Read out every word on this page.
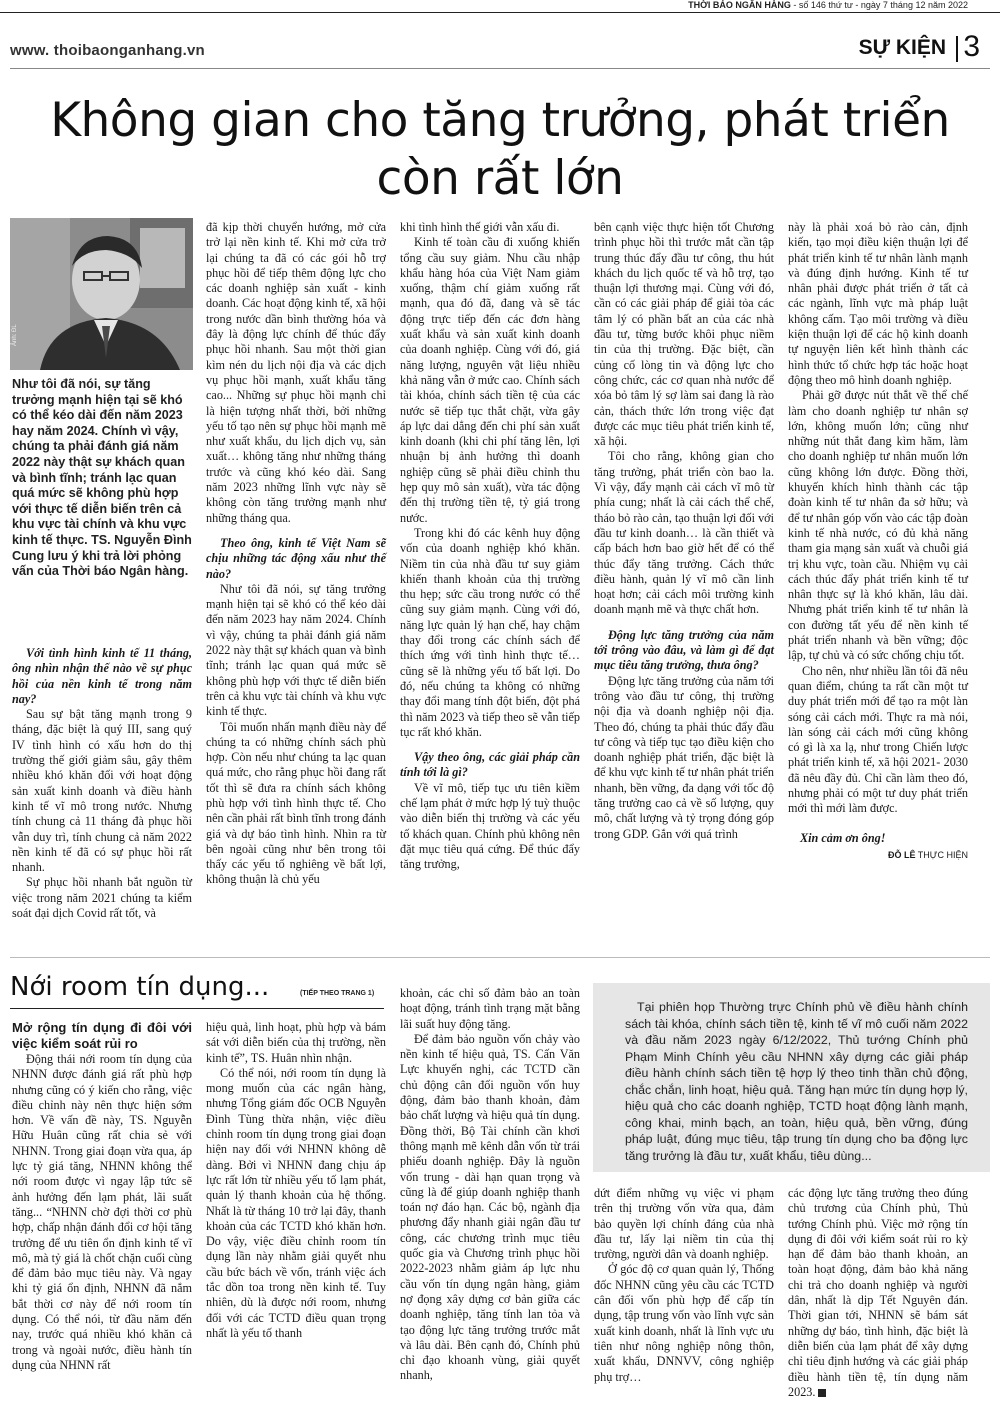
THỜI BÁO NGÂN HÀNG - số 146 thứ tư - ngày 7 tháng 12 năm 2022
www. thoibaonganhang.vn	SỰ KIỆN 3
Không gian cho tăng trưởng, phát triển
còn rất lớn
Ảnh: ĐL
Như tôi đã nói, sự tăng trưởng mạnh hiện tại sẽ khó có thể kéo dài đến năm 2023 hay năm 2024. Chính vì vậy, chúng ta phải đánh giá năm 2022 này thật sự khách quan và bình tĩnh; tránh lạc quan quá mức sẽ không phù hợp với thực tế diễn biến trên cả khu vực tài chính và khu vực kinh tế thực. TS. Nguyễn Đình Cung lưu ý khi trả lời phỏng vấn của Thời báo Ngân hàng.

Với tình hình kinh tế 11 tháng, ông nhìn nhận thế nào về sự phục hồi của nền kinh tế trong năm nay?

Sau sự bật tăng mạnh trong 9 tháng, đặc biệt là quý III, sang quý IV tình hình có xấu hơn do thị trường thế giới giảm sâu, gây thêm nhiều khó khăn đối với hoạt động sản xuất kinh doanh và điều hành kinh tế vĩ mô trong nước. Nhưng tính chung cả 11 tháng đà phục hồi vẫn duy trì, tính chung cả năm 2022 nền kinh tế đã có sự phục hồi rất nhanh.

Sự phục hồi nhanh bắt nguồn từ việc trong năm 2021 chúng ta kiểm soát đại dịch Covid rất tốt, và

đã kịp thời chuyển hướng, mở cửa trở lại nền kinh tế. Khi mở cửa trở lại chúng ta đã có các gói hỗ trợ phục hồi để tiếp thêm động lực cho các doanh nghiệp sản xuất - kinh doanh. Các hoạt động kinh tế, xã hội trong nước dần bình thường hóa và đây là động lực chính để thúc đẩy phục hồi nhanh. Sau một thời gian kìm nén du lịch nội địa và các dịch vụ phục hồi mạnh, xuất khẩu tăng cao... Những sự phục hồi mạnh chỉ là hiện tượng nhất thời, bởi những yếu tố tạo nên sự phục hồi mạnh mẽ như xuất khẩu, du lịch dịch vụ, sản xuất… không tăng như những tháng trước và cũng khó kéo dài. Sang năm 2023 những lĩnh vực này sẽ không còn tăng trưởng mạnh như những tháng qua.

Theo ông, kinh tế Việt Nam sẽ chịu những tác động xấu như thế nào?

Như tôi đã nói, sự tăng trưởng mạnh hiện tại sẽ khó có thể kéo dài đến năm 2023 hay năm 2024. Chính vì vậy, chúng ta phải đánh giá năm 2022 này thật sự khách quan và bình tĩnh; tránh lạc quan quá mức sẽ không phù hợp với thực tế diễn biến trên cả khu vực tài chính và khu vực kinh tế thực.

Tôi muốn nhấn mạnh điều này để chúng ta có những chính sách phù hợp. Còn nếu như chúng ta lạc quan quá mức, cho rằng phục hồi đang rất tốt thì sẽ đưa ra chính sách không phù hợp với tình hình thực tế. Cho nên cần phải rất bình tĩnh trong đánh giá và dự báo tình hình. Nhìn ra từ bên ngoài cũng như bên trong tôi thấy các yếu tố nghiêng về bất lợi, không thuận là chủ yếu

khi tình hình thế giới vẫn xấu đi.

Kinh tế toàn cầu đi xuống khiến tổng cầu suy giảm. Nhu cầu nhập khẩu hàng hóa của Việt Nam giảm xuống, thậm chí giảm xuống rất mạnh, qua đó đã, đang và sẽ tác động trực tiếp đến các đơn hàng xuất khẩu và sản xuất kinh doanh của doanh nghiệp. Cùng với đó, giá năng lượng, nguyên vật liệu nhiều khả năng vẫn ở mức cao. Chính sách tài khóa, chính sách tiền tệ của các nước sẽ tiếp tục thắt chặt, vừa gây áp lực dai dẳng đến chi phí sản xuất kinh doanh (khi chi phí tăng lên, lợi nhuận bị ảnh hưởng thì doanh nghiệp cũng sẽ phải điều chỉnh thu hẹp quy mô sản xuất), vừa tác động đến thị trường tiền tệ, tỷ giá trong nước.

Trong khi đó các kênh huy động vốn của doanh nghiệp khó khăn. Niềm tin của nhà đầu tư suy giảm khiến thanh khoản của thị trường thu hẹp; sức cầu trong nước có thể cũng suy giảm mạnh. Cùng với đó, năng lực quản lý hạn chế, hay chậm thay đổi trong các chính sách để thích ứng với tình hình thực tế… cũng sẽ là những yếu tố bất lợi. Do đó, nếu chúng ta không có những thay đổi mang tính đột biến, đột phá thì năm 2023 và tiếp theo sẽ vẫn tiếp tục rất khó khăn.

Vậy theo ông, các giải pháp cần tính tới là gì?

Về vĩ mô, tiếp tục ưu tiên kiềm chế lạm phát ở mức hợp lý tuỳ thuộc vào diễn biến thị trường và các yếu tố khách quan. Chính phủ không nên đặt mục tiêu quá cứng. Để thúc đẩy tăng trưởng,

bên cạnh việc thực hiện tốt Chương trình phục hồi thì trước mắt cần tập trung thúc đẩy đầu tư công, thu hút khách du lịch quốc tế và hỗ trợ, tạo thuận lợi thương mại. Cùng với đó, cần có các giải pháp để giải tỏa các tâm lý có phần bất an của các nhà đầu tư, từng bước khôi phục niềm tin của thị trường. Đặc biệt, cần củng cố lòng tin và động lực cho công chức, các cơ quan nhà nước để xóa bỏ tâm lý sợ làm sai đang là rào cản, thách thức lớn trong việc đạt được các mục tiêu phát triển kinh tế, xã hội.

Tôi cho rằng, không gian cho tăng trưởng, phát triển còn bao la. Vì vậy, đẩy mạnh cải cách vĩ mô từ phía cung; nhất là cải cách thể chế, tháo bỏ rào cản, tạo thuận lợi đối với đầu tư kinh doanh… là cần thiết và cấp bách hơn bao giờ hết để có thể thúc đẩy tăng trưởng. Cách thức điều hành, quản lý vĩ mô cần linh hoạt hơn; cải cách môi trường kinh doanh mạnh mẽ và thực chất hơn.

Động lực tăng trưởng của năm tới trông vào đâu, và làm gì để đạt mục tiêu tăng trưởng, thưa ông?

Động lực tăng trưởng của năm tới trông vào đầu tư công, thị trường nội địa và doanh nghiệp nội địa. Theo đó, chúng ta phải thúc đẩy đầu tư công và tiếp tục tạo điều kiện cho doanh nghiệp phát triển, đặc biệt là để khu vực kinh tế tư nhân phát triển nhanh, bền vững, đa dạng với tốc độ tăng trưởng cao cả về số lượng, quy mô, chất lượng và tỷ trọng đóng góp trong GDP. Gắn với quá trình

này là phải xoá bỏ rào cản, định kiến, tạo mọi điều kiện thuận lợi để phát triển kinh tế tư nhân lành mạnh và đúng định hướng. Kinh tế tư nhân phải được phát triển ở tất cả các ngành, lĩnh vực mà pháp luật không cấm. Tạo môi trường và điều kiện thuận lợi để các hộ kinh doanh tự nguyện liên kết hình thành các hình thức tổ chức hợp tác hoặc hoạt động theo mô hình doanh nghiệp.

Phải gỡ được nút thắt về thể chế làm cho doanh nghiệp tư nhân sợ lớn, không muốn lớn; cũng như những nút thắt đang kìm hãm, làm cho doanh nghiệp tư nhân muốn lớn cũng không lớn được. Đồng thời, khuyến khích hình thành các tập đoàn kinh tế tư nhân đa sở hữu; và để tư nhân góp vốn vào các tập đoàn kinh tế nhà nước, có đủ khả năng tham gia mạng sản xuất và chuỗi giá trị khu vực, toàn cầu. Nhiệm vụ cải cách thúc đẩy phát triển kinh tế tư nhân thực sự là khó khăn, lâu dài. Nhưng phát triển kinh tế tư nhân là con đường tất yếu để nền kinh tế phát triển nhanh và bền vững; độc lập, tự chủ và có sức chống chịu tốt.

Cho nên, như nhiều lần tôi đã nêu quan điểm, chúng ta rất cần một tư duy phát triển mới để tạo ra một làn sóng cải cách mới. Thực ra mà nói, làn sóng cải cách mới cũng không có gì là xa lạ, như trong Chiến lược phát triển kinh tế, xã hội 2021- 2030 đã nêu đầy đủ. Chỉ cần làm theo đó, nhưng phải có một tư duy phát triển mới thì mới làm được.

Xin cảm ơn ông!

ĐỖ LÊ THỰC HIỆN
Nới room tín dụng...	(TIẾP THEO TRANG 1)

Mở rộng tín dụng đi đôi với việc kiểm soát rủi ro

Động thái nới room tín dụng của NHNN được đánh giá rất phù hợp nhưng cũng có ý kiến cho rằng, việc điều chỉnh này nên thực hiện sớm hơn. Về vấn đề này, TS. Nguyễn Hữu Huân cũng rất chia sẻ với NHNN. Trong giai đoạn vừa qua, áp lực tỷ giá tăng, NHNN không thể nới room được vì ngay lập tức sẽ ảnh hưởng đến lạm phát, lãi suất tăng... “NHNN chờ đợi thời cơ phù hợp, chấp nhận đánh đổi cơ hội tăng trưởng để ưu tiên ổn định kinh tế vĩ mô, mà tỷ giá là chốt chặn cuối cùng để đảm bảo mục tiêu này. Và ngay khi tỷ giá ổn định, NHNN đã nắm bắt thời cơ này để nới room tín dụng. Có thể nói, từ đầu năm đến nay, trước quá nhiều khó khăn cả trong và ngoài nước, điều hành tín dụng của NHNN rất

hiệu quả, linh hoạt, phù hợp và bám sát với diễn biến của thị trường, nền kinh tế”, TS. Huân nhìn nhận.

Có thể nói, nới room tín dụng là mong muốn của các ngân hàng, nhưng Tổng giám đốc OCB Nguyễn Đình Tùng thừa nhận, việc điều chỉnh room tín dụng trong giai đoạn hiện nay đối với NHNN không dễ dàng. Bởi vì NHNN đang chịu áp lực rất lớn từ nhiều yếu tố lạm phát, quản lý thanh khoản của hệ thống. Nhất là từ tháng 10 trở lại đây, thanh khoản của các TCTD khó khăn hơn. Do vậy, việc điều chỉnh room tín dụng lần này nhằm giải quyết nhu cầu bức bách về vốn, tránh việc ách tắc dồn toa trong nền kinh tế. Tuy nhiên, dù là được nới room, nhưng đối với các TCTD điều quan trọng nhất là yếu tố thanh

khoản, các chỉ số đảm bảo an toàn hoạt động, tránh tình trạng mặt bằng lãi suất huy động tăng.

Để đảm bảo nguồn vốn chảy vào nền kinh tế hiệu quả, TS. Cấn Văn Lực khuyến nghị, các TCTD cần chủ động cân đối nguồn vốn huy động, đảm bảo thanh khoản, đảm bảo chất lượng và hiệu quả tín dụng. Đồng thời, Bộ Tài chính cần khơi thông mạnh mẽ kênh dẫn vốn từ trái phiếu doanh nghiệp. Đây là nguồn vốn trung - dài hạn quan trọng và cũng là để giúp doanh nghiệp thanh toán nợ đáo hạn. Các bộ, ngành địa phương đẩy nhanh giải ngân đầu tư công, các chương trình mục tiêu quốc gia và Chương trình phục hồi 2022-2023 nhằm giảm áp lực nhu cầu vốn tín dụng ngân hàng, giảm nợ đọng xây dựng cơ bản giữa các doanh nghiệp, tăng tính lan tỏa và tạo động lực tăng trưởng trước mắt và lâu dài. Bên cạnh đó, Chính phủ chỉ đạo khoanh vùng, giải quyết nhanh,

Tại phiên họp Thường trực Chính phủ về điều hành chính sách tài khóa, chính sách tiền tệ, kinh tế vĩ mô cuối năm 2022 và đầu năm 2023 ngày 6/12/2022, Thủ tướng Chính phủ Phạm Minh Chính yêu cầu NHNN xây dựng các giải pháp điều hành chính sách tiền tệ hợp lý theo tinh thần chủ động, chắc chắn, linh hoạt, hiệu quả. Tăng hạn mức tín dụng hợp lý, hiệu quả cho các doanh nghiệp, TCTD hoạt động lành mạnh, công khai, minh bạch, an toàn, hiệu quả, bền vững, đúng pháp luật, đúng mục tiêu, tập trung tín dụng cho ba động lực tăng trưởng là đầu tư, xuất khẩu, tiêu dùng...

dứt điểm những vụ việc vi phạm trên thị trường vốn vừa qua, đảm bảo quyền lợi chính đáng của nhà đầu tư, lấy lại niềm tin của thị trường, người dân và doanh nghiệp.

Ở góc độ cơ quan quản lý, Thống đốc NHNN cũng yêu cầu các TCTD cân đối vốn phù hợp để cấp tín dụng, tập trung vốn vào lĩnh vực sản xuất kinh doanh, nhất là lĩnh vực ưu tiên như nông nghiệp nông thôn, xuất khẩu, DNNVV, công nghiệp phụ trợ…

các động lực tăng trưởng theo đúng chủ trương của Chính phủ, Thủ tướng Chính phủ. Việc mở rộng tín dụng đi đôi với kiểm soát rủi ro kỳ hạn để đảm bảo thanh khoản, an toàn hoạt động, đảm bảo khả năng chi trả cho doanh nghiệp và người dân, nhất là dịp Tết Nguyên đán. Thời gian tới, NHNN sẽ bám sát những dự báo, tình hình, đặc biệt là diễn biến của lạm phát để xây dựng chỉ tiêu định hướng và các giải pháp điều hành tiền tệ, tín dụng năm 2023.
